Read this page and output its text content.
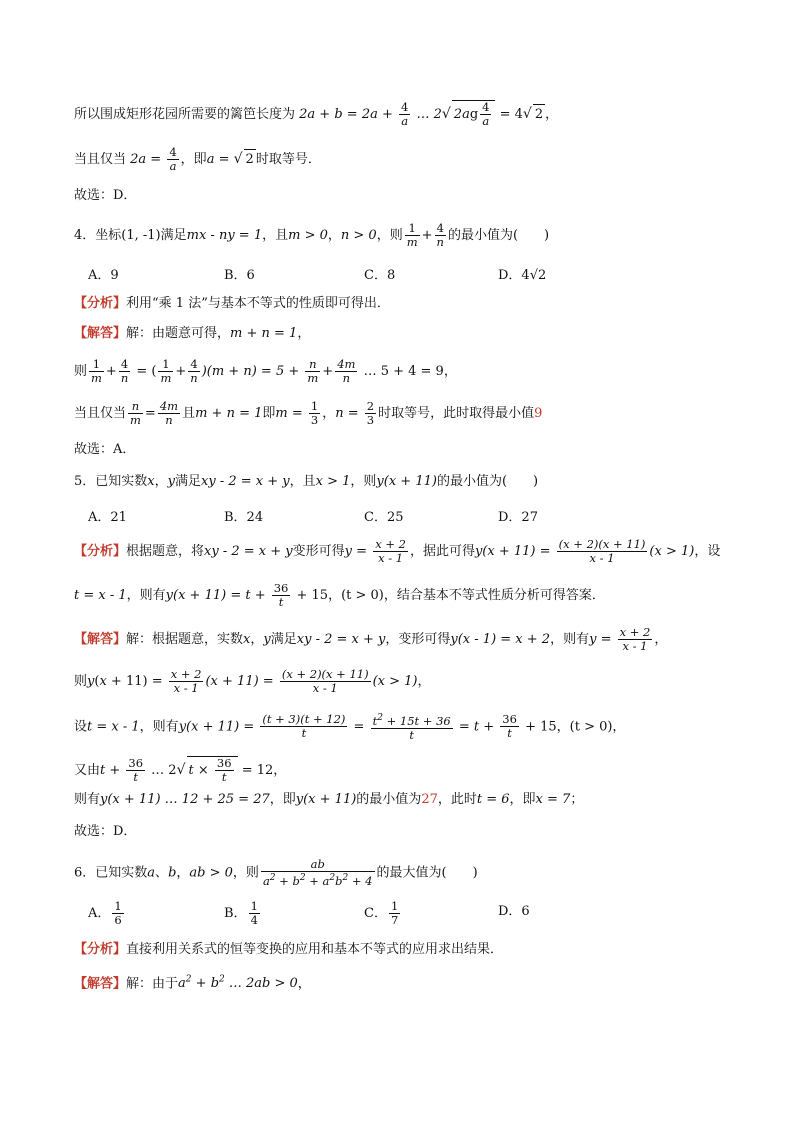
所以围成矩形花园所需要的篱笆长度为 $2a + b = 2a + \frac{4}{a}$ … 2√ $2ag \frac{4}{a} = 4√$ 2 ，
当且仅当 $2a = \frac{4}{a}$ ，即a = √ 2 时取等号．
故选：D．
4．坐标(1, -1)满足mx - ny = 1，且m > 0，n > 0，则 $\frac{1}{m} + \frac{4}{n}$ 的最小值为(　　)
A．9	B．6	C．8	D．4√2
【分析】利用“乘 1 法”与基本不等式的性质即可得出．
【解答】解：由题意可得，m + n = 1，
则 $\frac{1}{m} + \frac{4}{n}$ = ( $\frac{1}{m} + \frac{4}{n} )(m + n) = 5 + \frac{n}{m} + \frac{4m}{n}$ … 5 + 4 = 9，
当且仅当 $\frac{n}{m} = \frac{4m}{n}$ 且m + n = 1即$m = \frac{1}{3}$ ，$n = \frac{2}{3}$ 时取等号，此时取得最小值9
故选：A．
5．已知实数x，y满足xy - 2 = x + y，且x > 1，则y(x + 11)的最小值为(　　)
A．21	B．24	C．25	D．27
【分析】根据题意，将xy - 2 = x + y变形可得$y = \frac{x + 2}{x - 1}$ ，据此可得$y(x + 11) = \frac{(x + 2)(x + 11)}{x - 1} (x > 1)$，设
t = x - 1，则有$y(x + 11) = t + \frac{36}{t} + 15$，(t > 0)，结合基本不等式性质分析可得答案．
【解答】解：根据题意，实数x，y满足xy - 2 = x + y，变形可得y(x - 1) = x + 2，则有$y = \frac{x + 2}{x - 1}$ ，
则$y(x + 11) = \frac{x + 2}{x - 1} (x + 11) = \frac{(x + 2)(x + 11)}{x - 1} (x > 1)$，
设t = x - 1，则有$y(x + 11) = \frac{(t + 3)(t + 12)}{t} = \frac{t^2 + 15t + 36}{t} = t + \frac{36}{t} + 15$，(t > 0)，
又由$t + \frac{36}{t}$ … 2√ $t \times \frac{36}{t} = 12$，
则有y(x + 11) … 12 + 25 = 27，即y(x + 11)的最小值为27，此时t = 6，即x = 7；
故选：D．
6．已知实数a、b，ab > 0，则 $\frac{ab}{a^2 + b^2 + a^2b^2 + 4}$ 的最大值为(　　)
A． $\frac{1}{6}$	B． $\frac{1}{4}$	C． $\frac{1}{7}$	D．6
【分析】直接利用关系式的恒等变换的应用和基本不等式的应用求出结果．
【解答】解：由于$a^2 + b^2$ … 2ab > 0，
